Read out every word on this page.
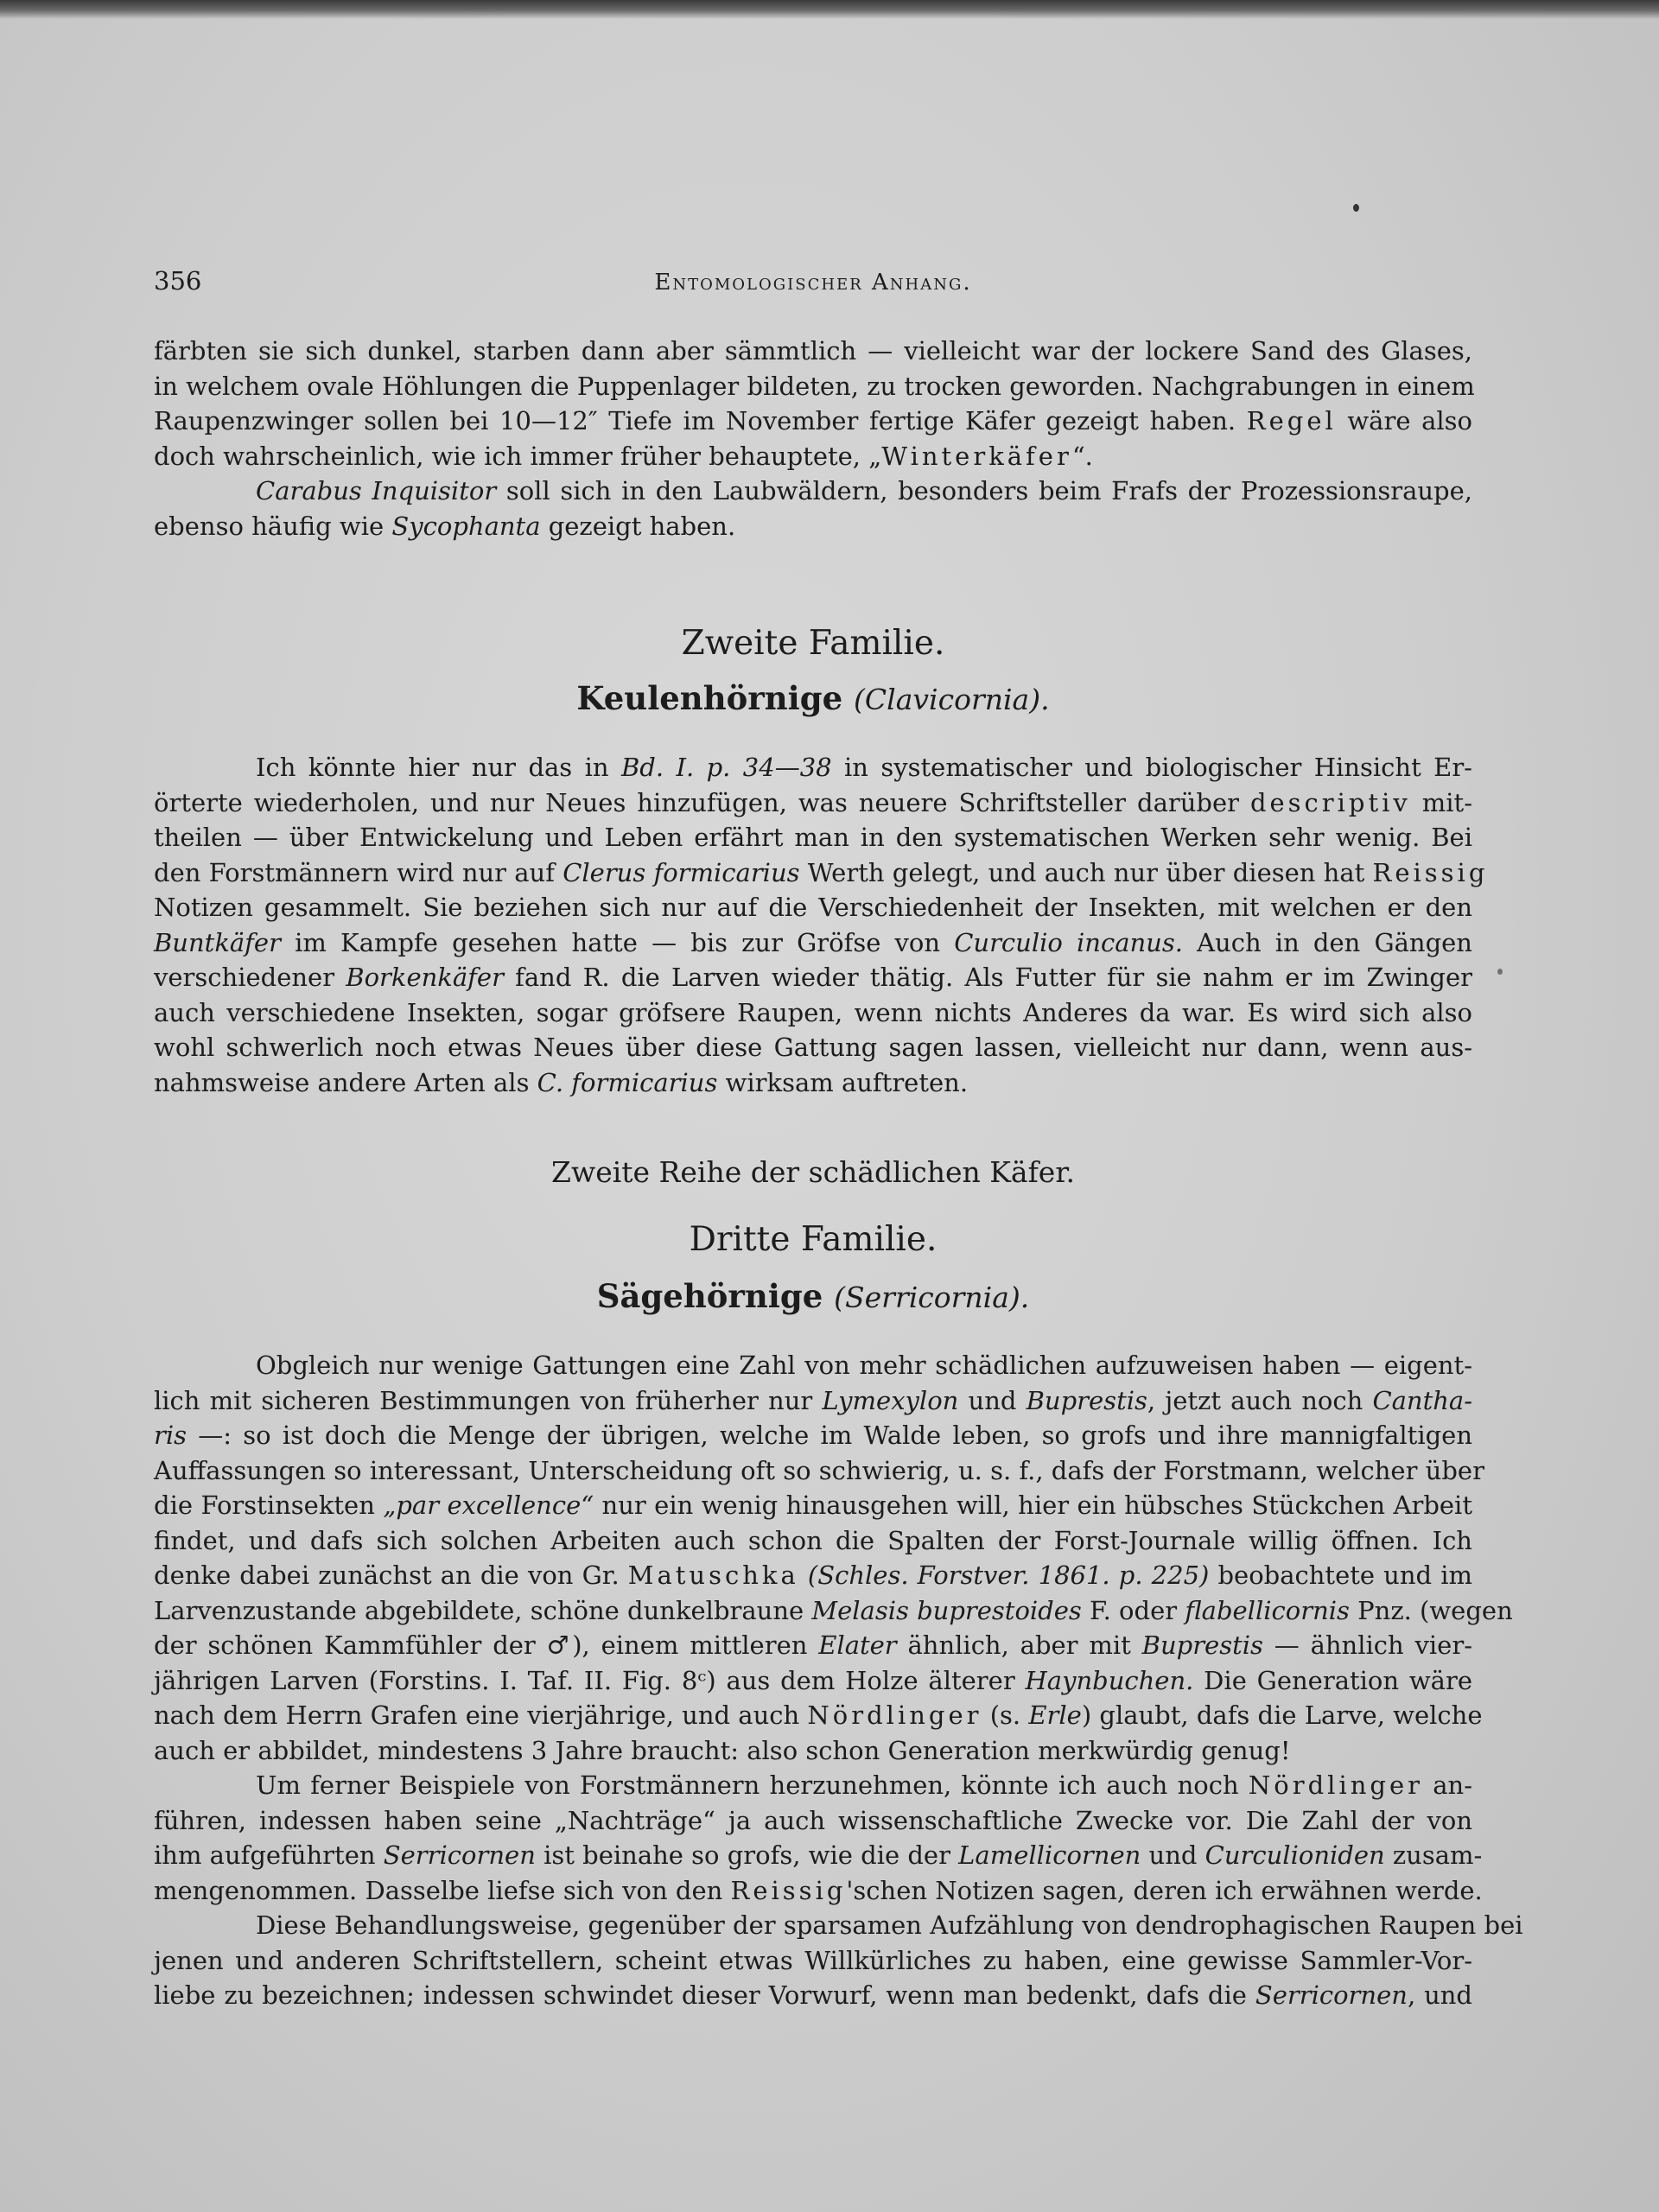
356	Entomologischer Anhang.
färbten sie sich dunkel, starben dann aber sämmtlich — vielleicht war der lockere Sand des Glases,
in welchem ovale Höhlungen die Puppenlager bildeten, zu trocken geworden. Nachgrabungen in einem
Raupenzwinger sollen bei 10—12″ Tiefe im November fertige Käfer gezeigt haben. Regel wäre also
doch wahrscheinlich, wie ich immer früher behauptete, „Winterkäfer“.
Carabus Inquisitor soll sich in den Laubwäldern, besonders beim Frafs der Prozessionsraupe,
ebenso häufig wie Sycophanta gezeigt haben.
Zweite Familie.
Keulenhörnige (Clavicornia).
Ich könnte hier nur das in Bd. I. p. 34—38 in systematischer und biologischer Hinsicht Er-
örterte wiederholen, und nur Neues hinzufügen, was neuere Schriftsteller darüber descriptiv mit-
theilen — über Entwickelung und Leben erfährt man in den systematischen Werken sehr wenig. Bei
den Forstmännern wird nur auf Clerus formicarius Werth gelegt, und auch nur über diesen hat Reissig
Notizen gesammelt. Sie beziehen sich nur auf die Verschiedenheit der Insekten, mit welchen er den
Buntkäfer im Kampfe gesehen hatte — bis zur Gröfse von Curculio incanus. Auch in den Gängen
verschiedener Borkenkäfer fand R. die Larven wieder thätig. Als Futter für sie nahm er im Zwinger
auch verschiedene Insekten, sogar gröfsere Raupen, wenn nichts Anderes da war. Es wird sich also
wohl schwerlich noch etwas Neues über diese Gattung sagen lassen, vielleicht nur dann, wenn aus-
nahmsweise andere Arten als C. formicarius wirksam auftreten.
Zweite Reihe der schädlichen Käfer.
Dritte Familie.
Sägehörnige (Serricornia).
Obgleich nur wenige Gattungen eine Zahl von mehr schädlichen aufzuweisen haben — eigent-
lich mit sicheren Bestimmungen von früherher nur Lymexylon und Buprestis, jetzt auch noch Cantha-
ris —: so ist doch die Menge der übrigen, welche im Walde leben, so grofs und ihre mannigfaltigen
Auffassungen so interessant, Unterscheidung oft so schwierig, u. s. f., dafs der Forstmann, welcher über
die Forstinsekten „par excellence“ nur ein wenig hinausgehen will, hier ein hübsches Stückchen Arbeit
findet, und dafs sich solchen Arbeiten auch schon die Spalten der Forst-Journale willig öffnen. Ich
denke dabei zunächst an die von Gr. Matuschka (Schles. Forstver. 1861. p. 225) beobachtete und im
Larvenzustande abgebildete, schöne dunkelbraune Melasis buprestoides F. oder flabellicornis Pnz. (wegen
der schönen Kammfühler der ♂), einem mittleren Elater ähnlich, aber mit Buprestis — ähnlich vier-
jährigen Larven (Forstins. I. Taf. II. Fig. 8ᶜ) aus dem Holze älterer Haynbuchen. Die Generation wäre
nach dem Herrn Grafen eine vierjährige, und auch Nördlinger (s. Erle) glaubt, dafs die Larve, welche
auch er abbildet, mindestens 3 Jahre braucht: also schon Generation merkwürdig genug!
Um ferner Beispiele von Forstmännern herzunehmen, könnte ich auch noch Nördlinger an-
führen, indessen haben seine „Nachträge“ ja auch wissenschaftliche Zwecke vor. Die Zahl der von
ihm aufgeführten Serricornen ist beinahe so grofs, wie die der Lamellicornen und Curculioniden zusam-
mengenommen. Dasselbe liefse sich von den Reissig'schen Notizen sagen, deren ich erwähnen werde.
Diese Behandlungsweise, gegenüber der sparsamen Aufzählung von dendrophagischen Raupen bei
jenen und anderen Schriftstellern, scheint etwas Willkürliches zu haben, eine gewisse Sammler-Vor-
liebe zu bezeichnen; indessen schwindet dieser Vorwurf, wenn man bedenkt, dafs die Serricornen, und
